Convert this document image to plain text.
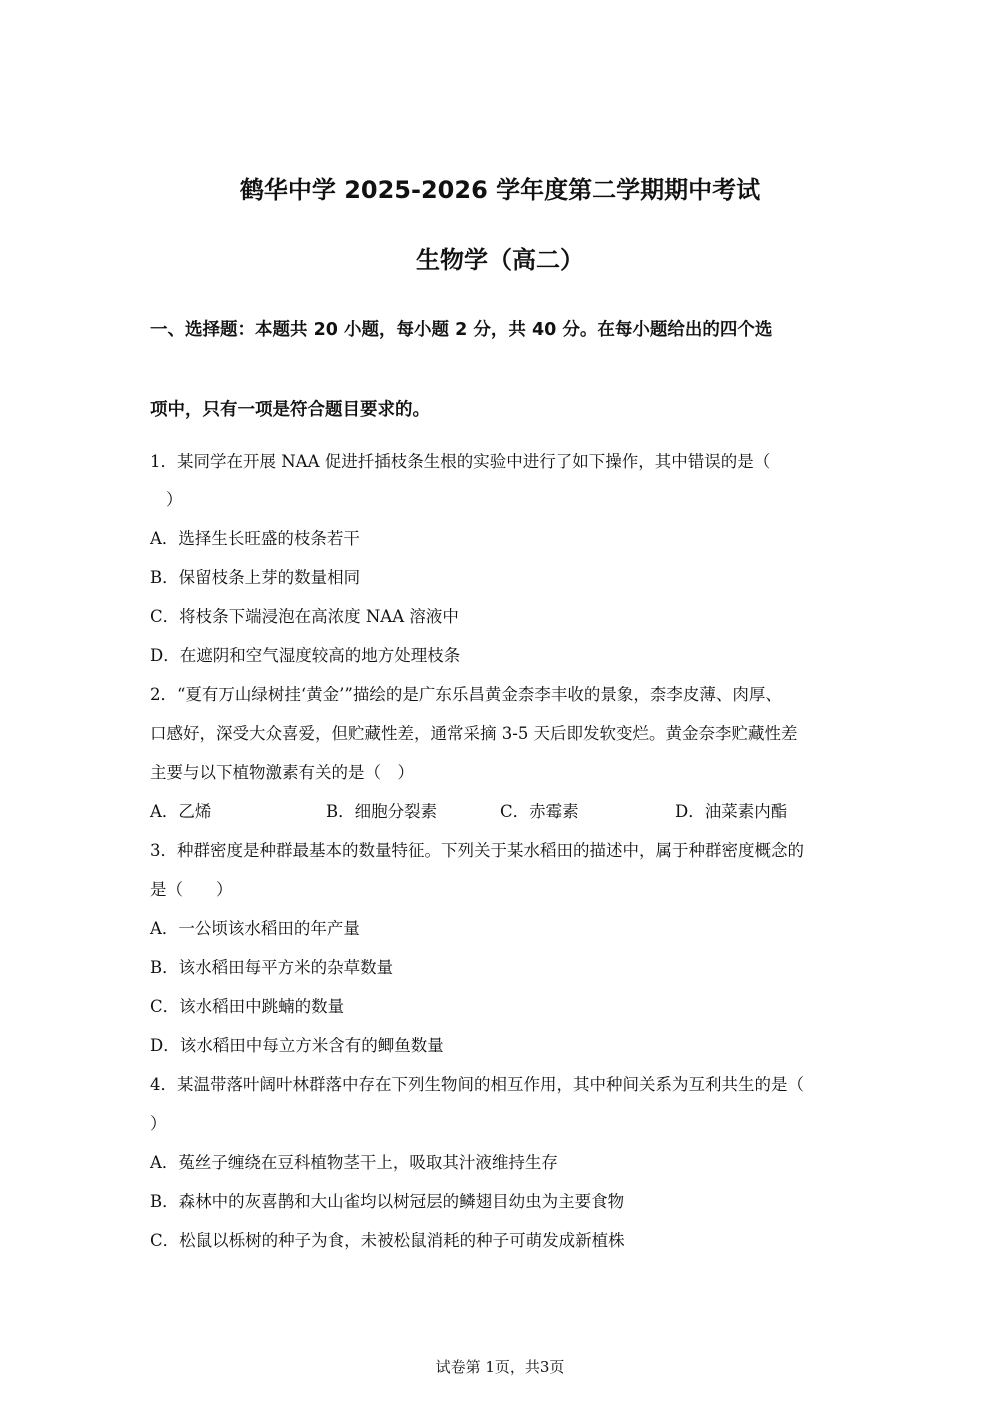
鹤华中学 2025-2026 学年度第二学期期中考试
生物学（高二）
一、选择题：本题共 20 小题，每小题 2 分，共 40 分。在每小题给出的四个选
项中，只有一项是符合题目要求的。
1．某同学在开展 NAA 促进扦插枝条生根的实验中进行了如下操作，其中错误的是（
）
A．选择生长旺盛的枝条若干
B．保留枝条上芽的数量相同
C．将枝条下端浸泡在高浓度 NAA 溶液中
D．在遮阴和空气湿度较高的地方处理枝条
2．“夏有万山绿树挂‘黄金’”描绘的是广东乐昌黄金柰李丰收的景象，柰李皮薄、肉厚、
口感好，深受大众喜爱，但贮藏性差，通常采摘 3-5 天后即发软变烂。黄金奈李贮藏性差
主要与以下植物激素有关的是（　）
A．乙烯	B．细胞分裂素	C．赤霉素	D．油菜素内酯
3．种群密度是种群最基本的数量特征。下列关于某水稻田的描述中，属于种群密度概念的
是（　　）
A．一公顷该水稻田的年产量
B．该水稻田每平方米的杂草数量
C．该水稻田中跳蝻的数量
D．该水稻田中每立方米含有的鲫鱼数量
4．某温带落叶阔叶林群落中存在下列生物间的相互作用，其中种间关系为互利共生的是（
）
A．菟丝子缠绕在豆科植物茎干上，吸取其汁液维持生存
B．森林中的灰喜鹊和大山雀均以树冠层的鳞翅目幼虫为主要食物
C．松鼠以栎树的种子为食，未被松鼠消耗的种子可萌发成新植株
试卷第 1页，共3页
